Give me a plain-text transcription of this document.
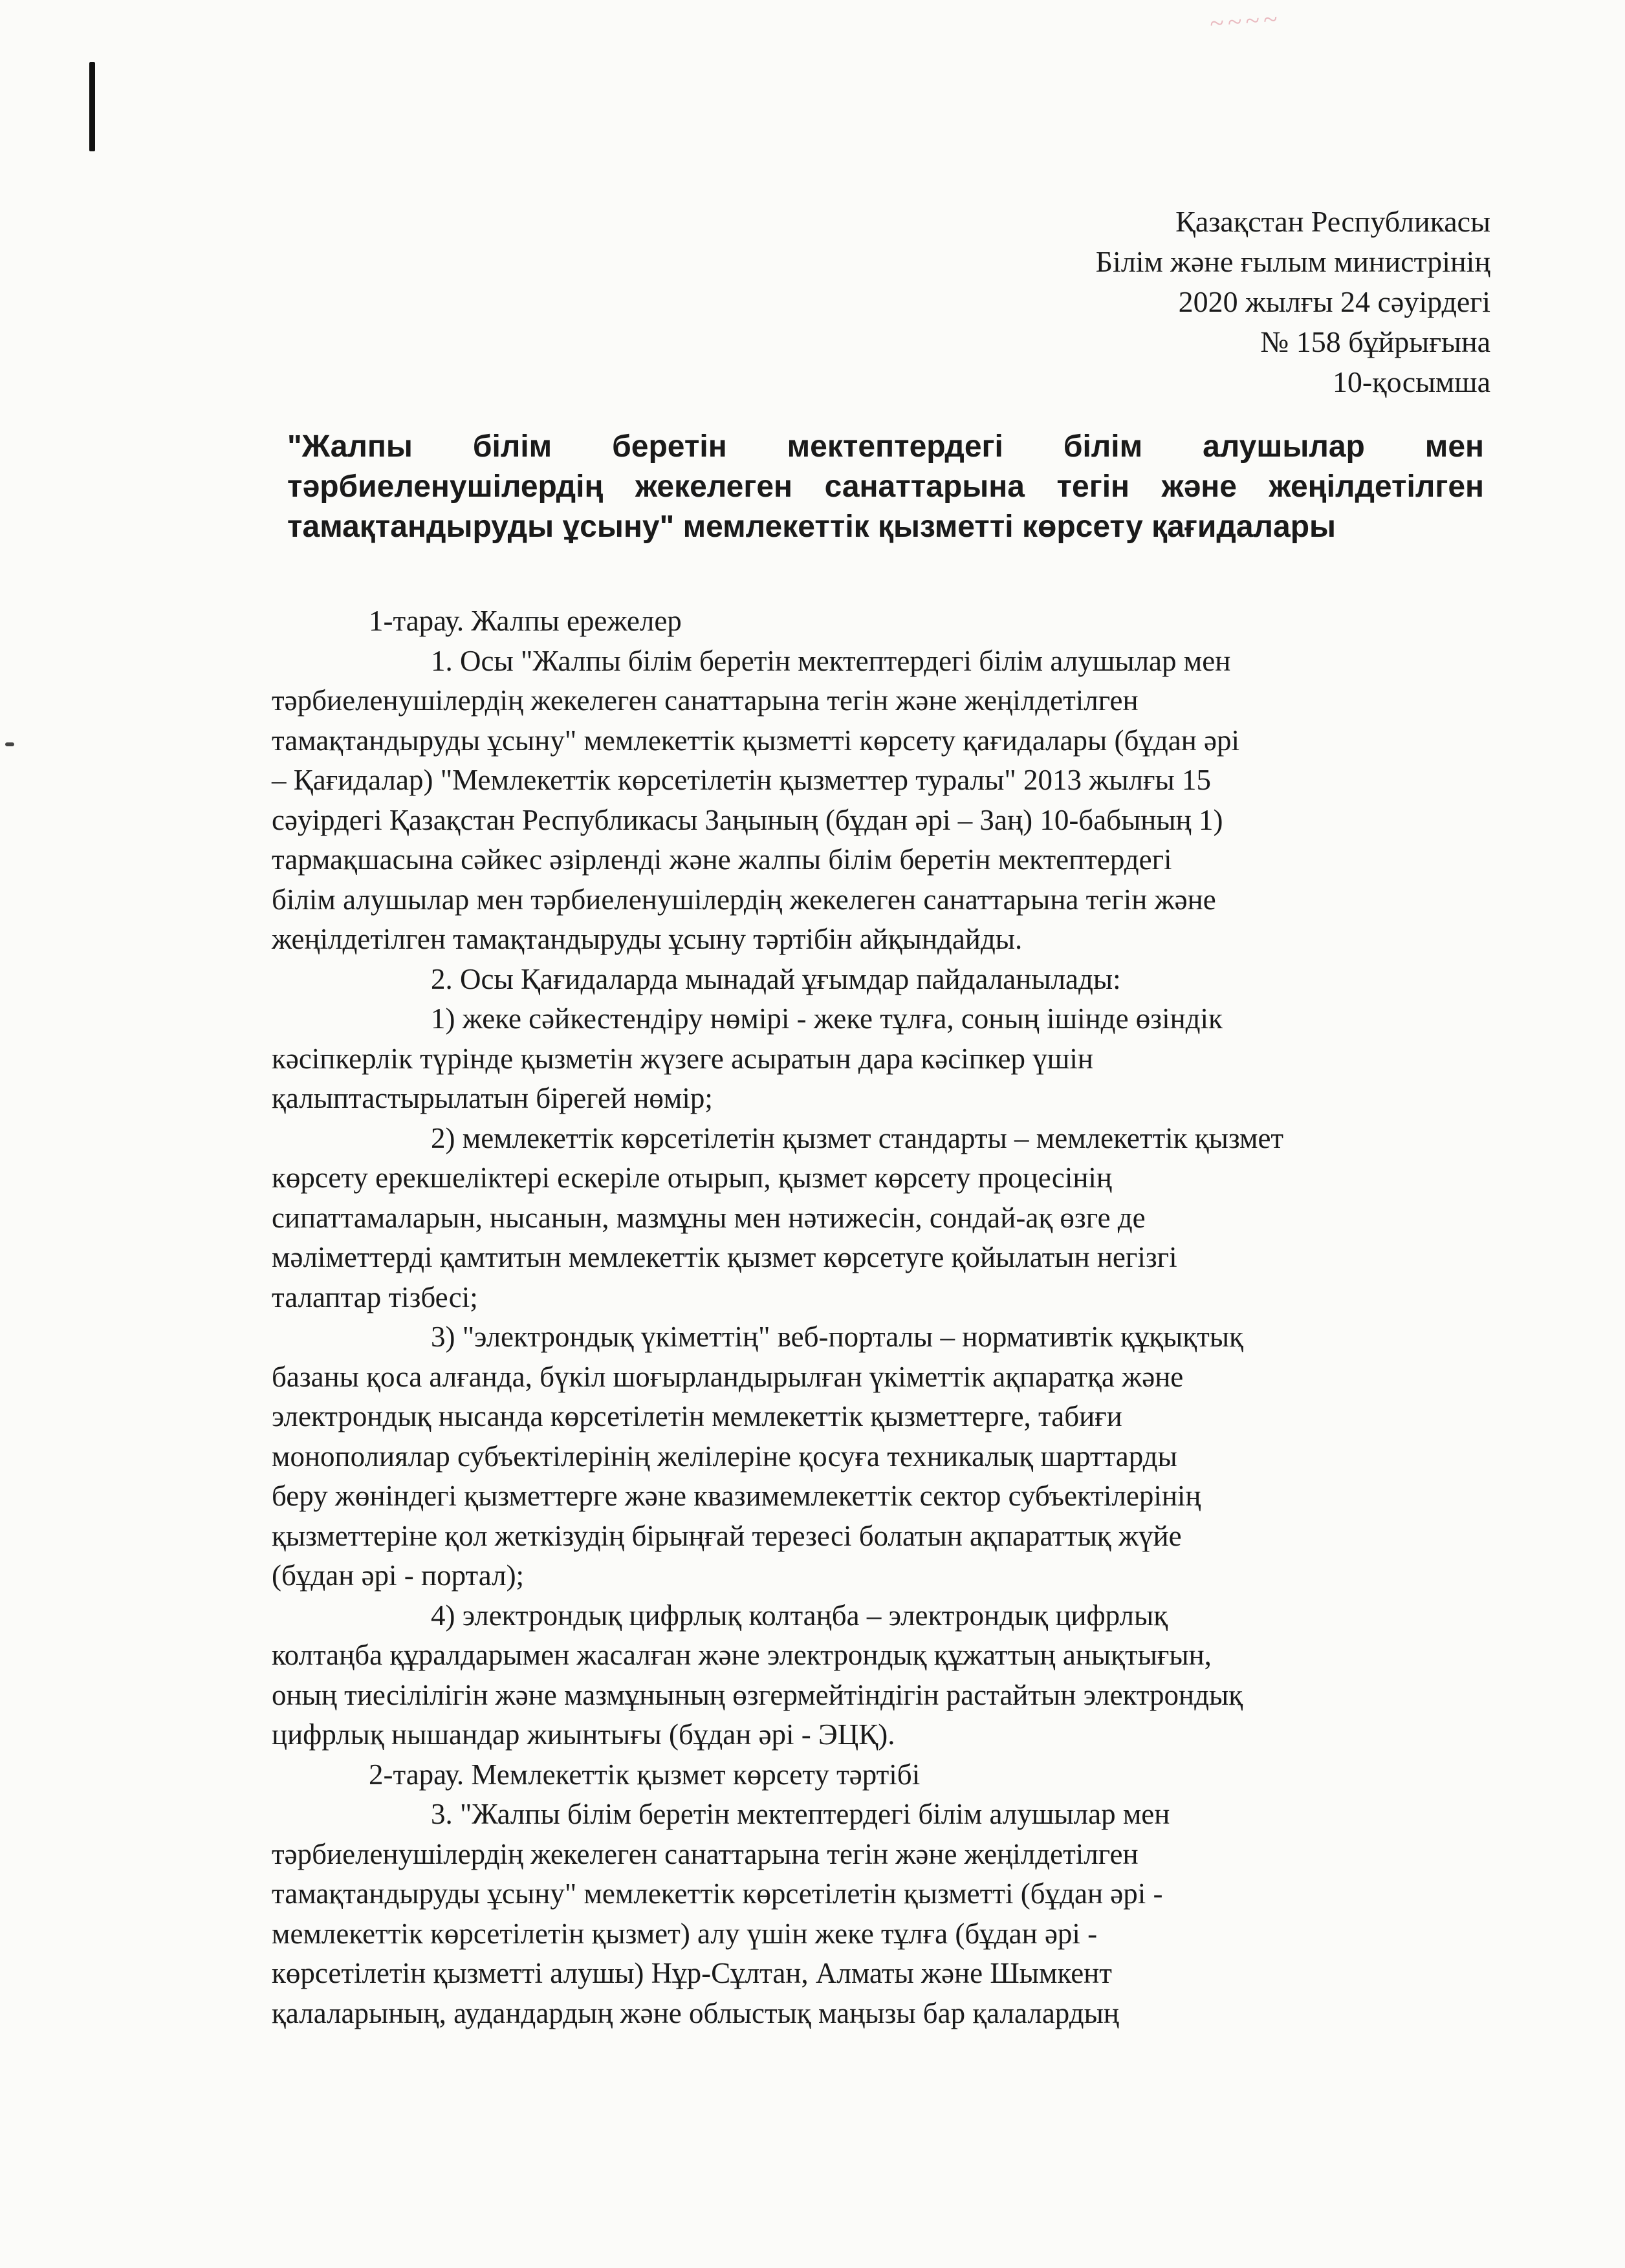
~~~~
Қазақстан Республикасы
Білім және ғылым министрінің
2020 жылғы 24 сәуірдегі
№ 158 бұйрығына
10-қосымша
"Жалпы білім беретін мектептердегі білім алушылар мен
тәрбиеленушілердің жекелеген санаттарына тегін және жеңілдетілген
тамақтандыруды ұсыну" мемлекеттік қызметті көрсету қағидалары
1-тарау. Жалпы ережелер
1. Осы "Жалпы білім беретін мектептердегі білім алушылар мен
тәрбиеленушілердің жекелеген санаттарына тегін және жеңілдетілген
тамақтандыруды ұсыну" мемлекеттік қызметті көрсету қағидалары (бұдан әрі
– Қағидалар) "Мемлекеттік көрсетілетін қызметтер туралы" 2013 жылғы 15
сәуірдегі Қазақстан Республикасы Заңының (бұдан әрі – Заң) 10-бабының 1)
тармақшасына сәйкес әзірленді және жалпы білім беретін мектептердегі
білім алушылар мен тәрбиеленушілердің жекелеген санаттарына тегін және
жеңілдетілген тамақтандыруды ұсыну тәртібін айқындайды.
2. Осы Қағидаларда мынадай ұғымдар пайдаланылады:
1) жеке сәйкестендіру нөмірі - жеке тұлға, соның ішінде өзіндік
кәсіпкерлік түрінде қызметін жүзеге асыратын дара кәсіпкер үшін
қалыптастырылатын бірегей нөмір;
2) мемлекеттік көрсетілетін қызмет стандарты – мемлекеттік қызмет
көрсету ерекшеліктері ескеріле отырып, қызмет көрсету процесінің
сипаттамаларын, нысанын, мазмұны мен нәтижесін, сондай-ақ өзге де
мәліметтерді қамтитын мемлекеттік қызмет көрсетуге қойылатын негізгі
талаптар тізбесі;
3) "электрондық үкіметтің" веб-порталы – нормативтік құқықтық
базаны қоса алғанда, бүкіл шоғырландырылған үкіметтік ақпаратқа және
электрондық нысанда көрсетілетін мемлекеттік қызметтерге, табиғи
монополиялар субъектілерінің желілеріне қосуға техникалық шарттарды
беру жөніндегі қызметтерге және квазимемлекеттік сектор субъектілерінің
қызметтеріне қол жеткізудің бірыңғай терезесі болатын ақпараттық жүйе
(бұдан әрі - портал);
4) электрондық цифрлық колтаңба – электрондық цифрлық
колтаңба құралдарымен жасалған және электрондық құжаттың анықтығын,
оның тиесілілігін және мазмұнының өзгермейтіндігін растайтын электрондық
цифрлық нышандар жиынтығы (бұдан әрі - ЭЦҚ).
2-тарау. Мемлекеттік қызмет көрсету тәртібі
3. "Жалпы білім беретін мектептердегі білім алушылар мен
тәрбиеленушілердің жекелеген санаттарына тегін және жеңілдетілген
тамақтандыруды ұсыну" мемлекеттік көрсетілетін қызметті (бұдан әрі -
мемлекеттік көрсетілетін қызмет) алу үшін жеке тұлға (бұдан әрі -
көрсетілетін қызметті алушы) Нұр-Сұлтан, Алматы және Шымкент
қалаларының, аудандардың және облыстық маңызы бар қалалардың
